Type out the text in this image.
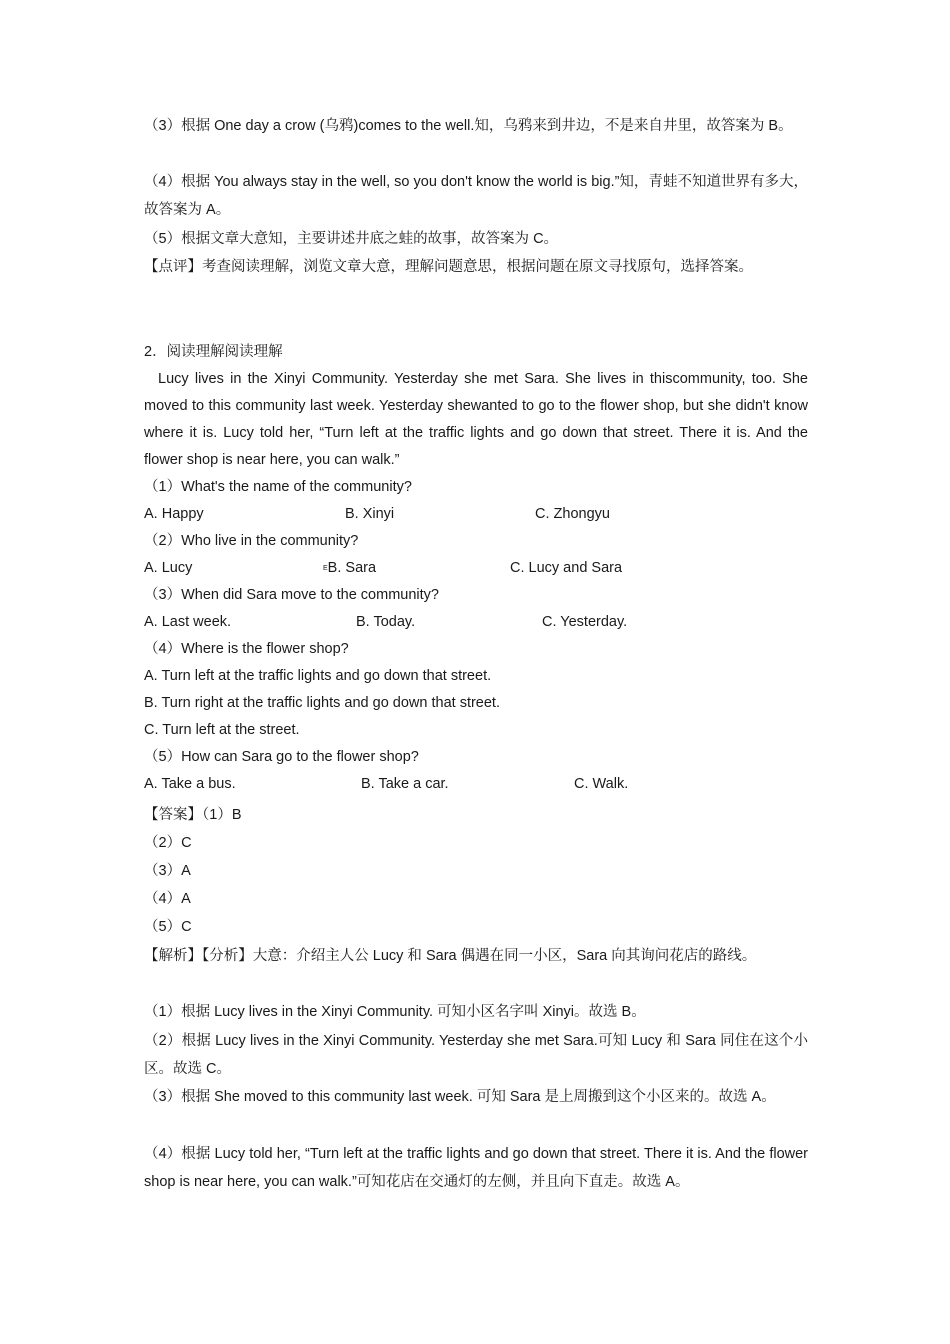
（3）根据 One day a crow (乌鸦)comes to the well.知，乌鸦来到井边，不是来自井里，故答案为 B。
（4）根据 You always stay in the well, so you don't know the world is big.”知，青蛙不知道世界有多大，故答案为 A。
（5）根据文章大意知，主要讲述井底之蛙的故事，故答案为 C。
【点评】考查阅读理解，浏览文章大意，理解问题意思，根据问题在原文寻找原句，选择答案。
2．阅读理解阅读理解
Lucy lives in the Xinyi Community. Yesterday she met Sara. She lives in thiscommunity, too. She moved to this community last week. Yesterday shewanted to go to the flower shop, but she didn't know where it is. Lucy told her, “Turn left at the traffic lights and go down that street. There it is. And the flower shop is near here, you can walk.”
（1）What's the name of the community?
A. Happy	B. Xinyi	C. Zhongyu
（2）Who live in the community?
A. Lucy	EB. Sara	C. Lucy and Sara
（3）When did Sara move to the community?
A. Last week.	B. Today.	C. Yesterday.
（4）Where is the flower shop?
A. Turn left at the traffic lights and go down that street.
B. Turn right at the traffic lights and go down that street.
C. Turn left at the street.
（5）How can Sara go to the flower shop?
A. Take a bus.	B. Take a car.	C. Walk.
【答案】（1）B
（2）C
（3）A
（4）A
（5）C
【解析】【分析】大意：介绍主人公 Lucy 和 Sara 偶遇在同一小区，Sara 向其询问花店的路线。
（1）根据 Lucy lives in the Xinyi Community. 可知小区名字叫 Xinyi。故选 B。
（2）根据 Lucy lives in the Xinyi Community. Yesterday she met Sara.可知 Lucy 和 Sara 同住在这个小区。故选 C。
（3）根据 She moved to this community last week. 可知 Sara 是上周搬到这个小区来的。故选 A。
（4）根据 Lucy told her, “Turn left at the traffic lights and go down that street. There it is. And the flower shop is near here, you can walk.”可知花店在交通灯的左侧，并且向下直走。故选 A。
